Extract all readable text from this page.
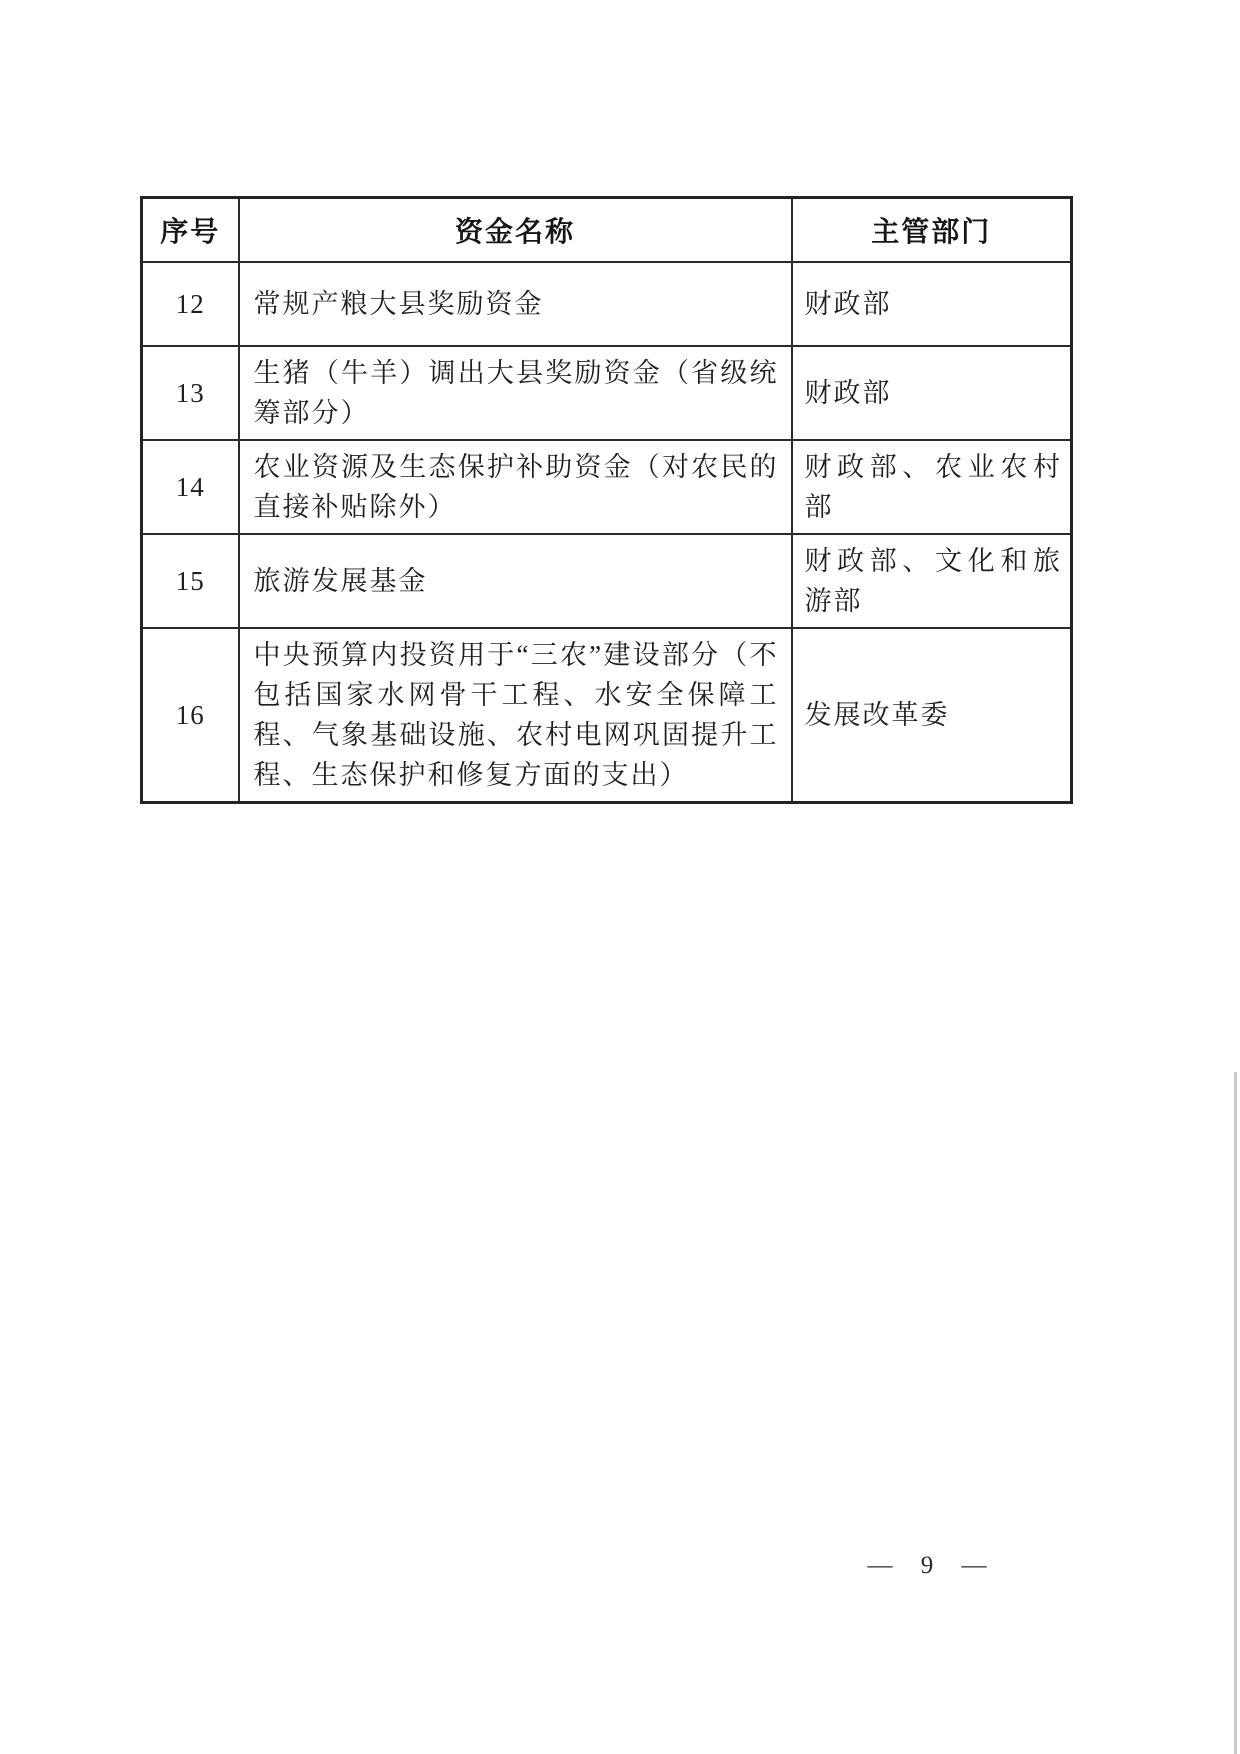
序号	资金名称	主管部门
12	常规产粮大县奖励资金	财政部
13	生猪（牛羊）调出大县奖励资金（省级统筹部分）	财政部
14	农业资源及生态保护补助资金（对农民的直接补贴除外）	财政部、农业农村部
15	旅游发展基金	财政部、文化和旅游部
16	中央预算内投资用于“三农”建设部分（不包括国家水网骨干工程、水安全保障工程、气象基础设施、农村电网巩固提升工程、生态保护和修复方面的支出）	发展改革委
— 9 —
